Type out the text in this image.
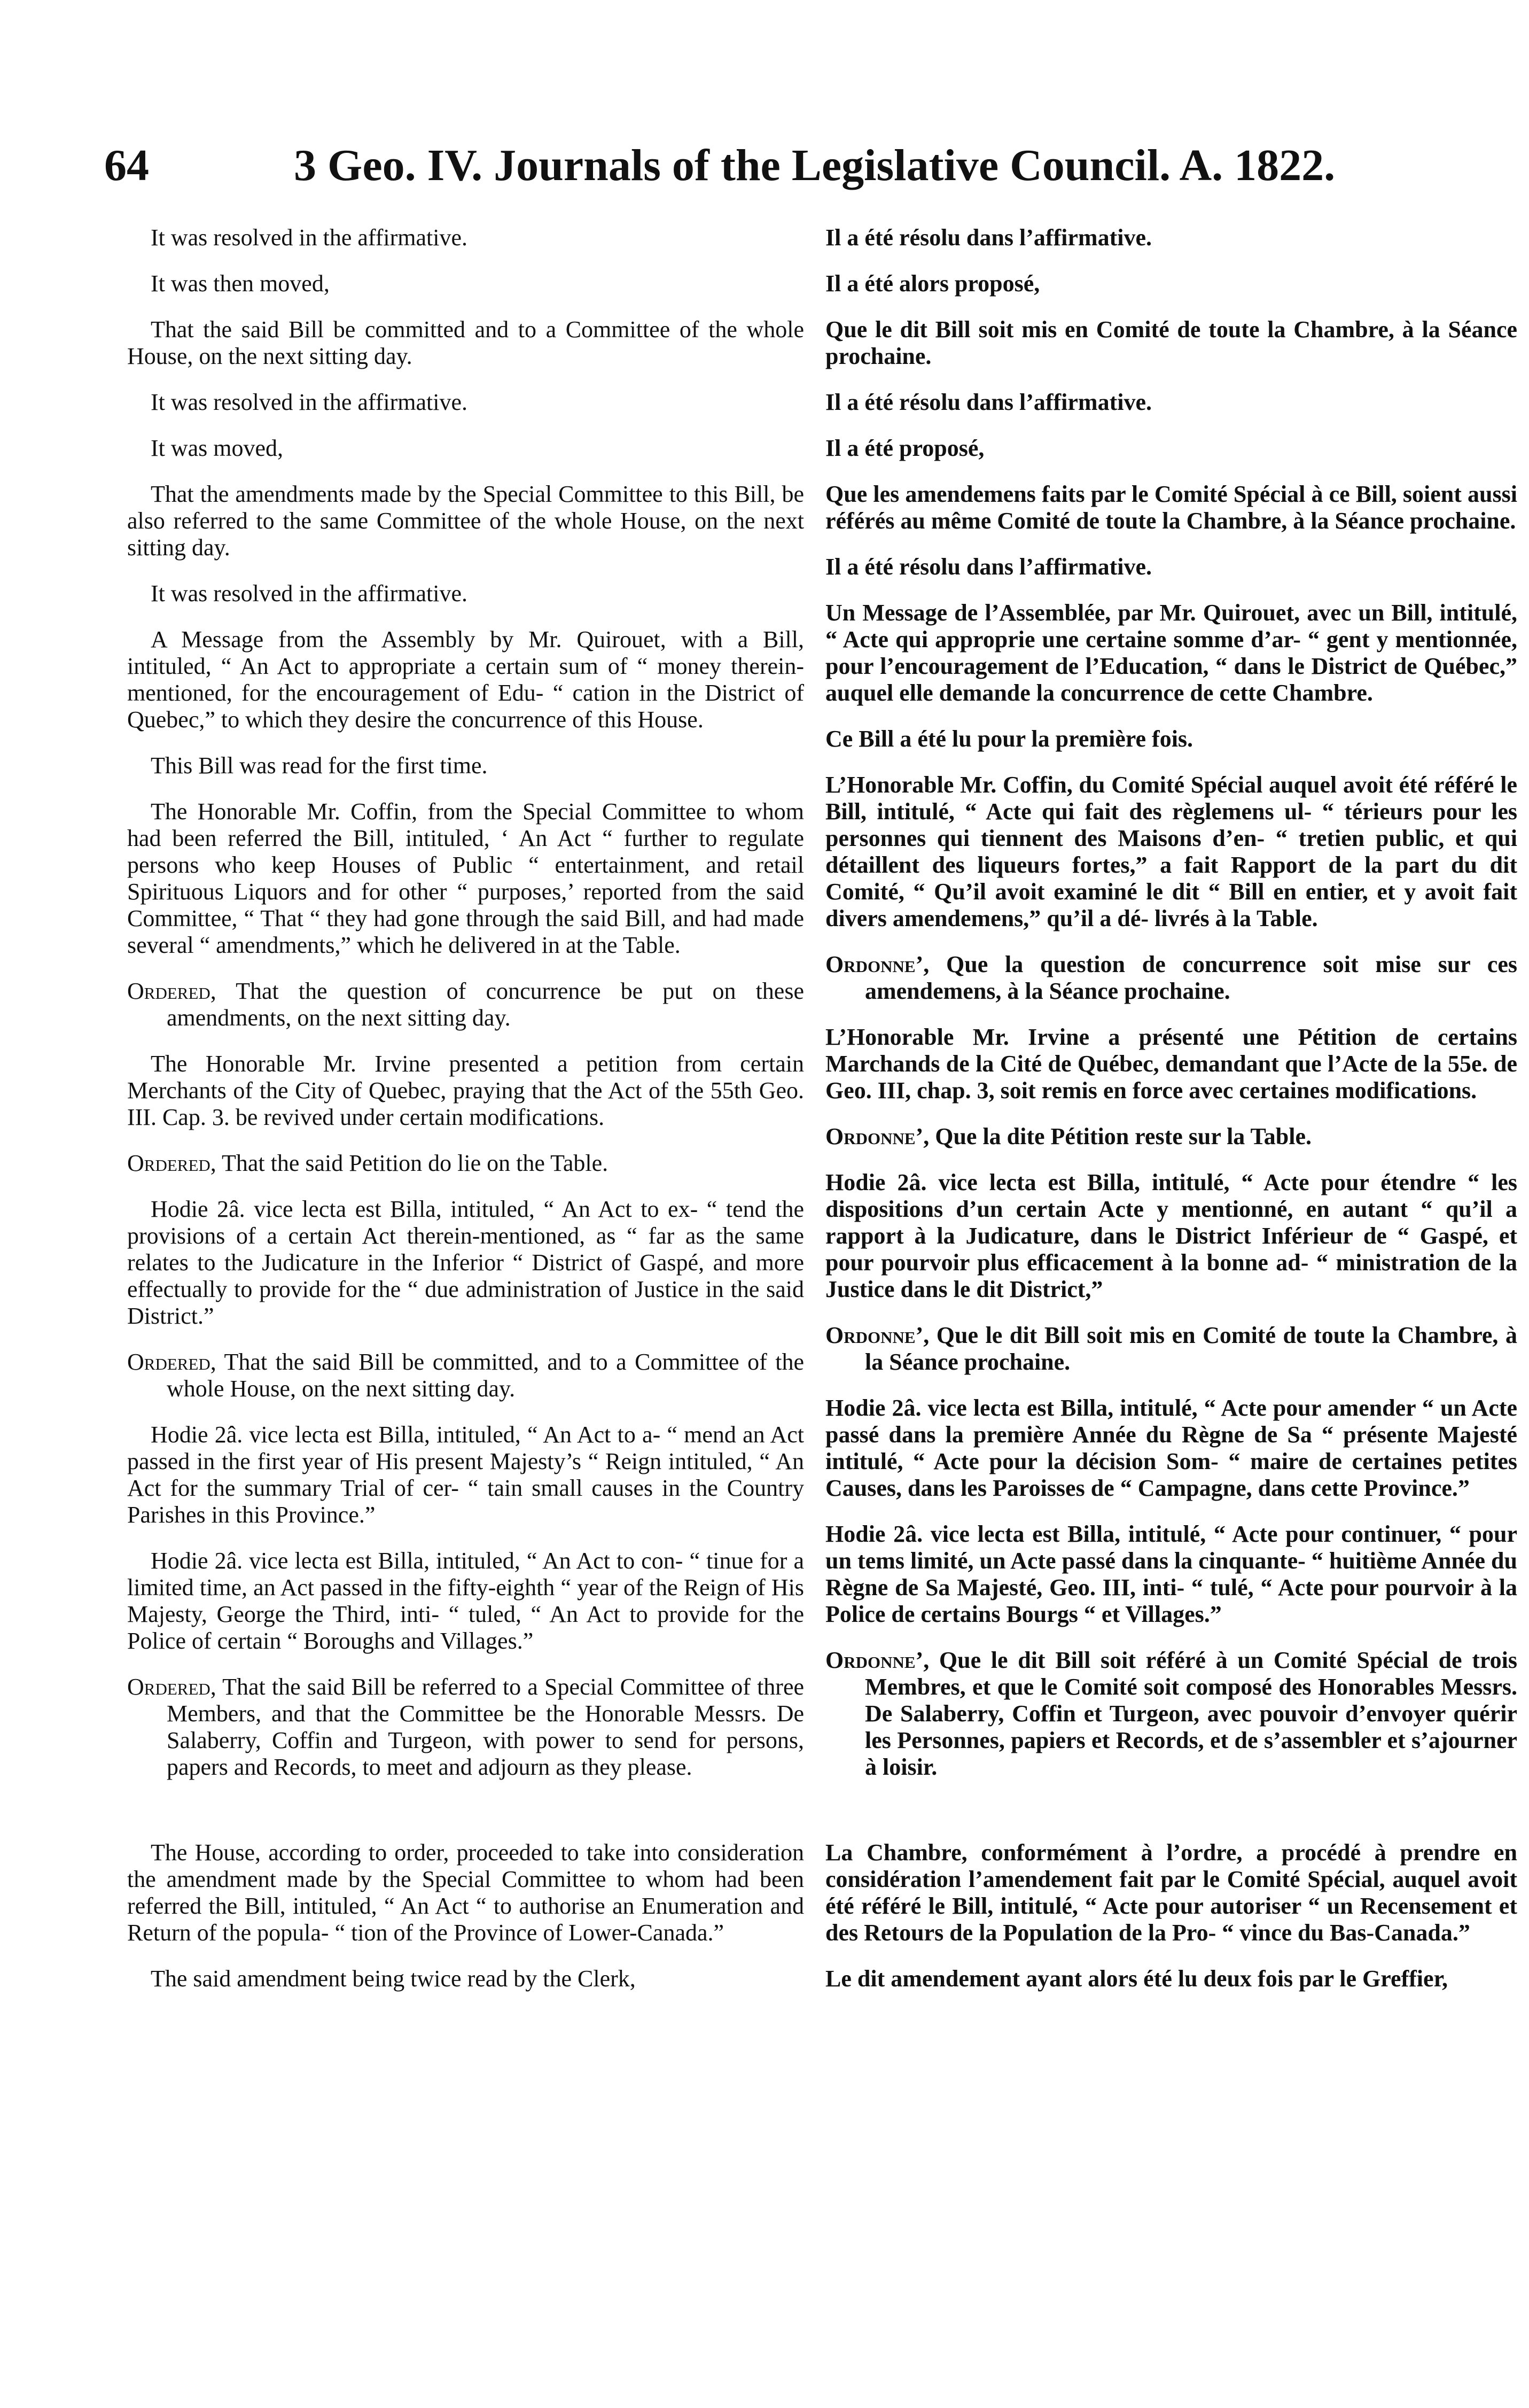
64	3 Geo. IV. Journals of the Legislative Council. A. 1822.

It was resolved in the affirmative.

It was then moved,

That the said Bill be committed and to a Committee of the whole House, on the next sitting day.

It was resolved in the affirmative.

It was moved,

That the amendments made by the Special Committee to this Bill, be also referred to the same Committee of the whole House, on the next sitting day.

It was resolved in the affirmative.

A Message from the Assembly by Mr. Quirouet, with a Bill, intituled, “ An Act to appropriate a certain sum of “ money therein-mentioned, for the encouragement of Edu- “ cation in the District of Quebec,” to which they desire the concurrence of this House.

This Bill was read for the first time.

The Honorable Mr. Coffin, from the Special Committee to whom had been referred the Bill, intituled, ‘ An Act “ further to regulate persons who keep Houses of Public “ entertainment, and retail Spirituous Liquors and for other “ purposes,’ reported from the said Committee, “ That “ they had gone through the said Bill, and had made several “ amendments,” which he delivered in at the Table.

Ordered, That the question of concurrence be put on these amendments, on the next sitting day.

The Honorable Mr. Irvine presented a petition from certain Merchants of the City of Quebec, praying that the Act of the 55th Geo. III. Cap. 3. be revived under certain modifications.

Ordered, That the said Petition do lie on the Table.

Hodie 2â. vice lecta est Billa, intituled, “ An Act to ex- “ tend the provisions of a certain Act therein-mentioned, as “ far as the same relates to the Judicature in the Inferior “ District of Gaspé, and more effectually to provide for the “ due administration of Justice in the said District.”

Ordered, That the said Bill be committed, and to a Committee of the whole House, on the next sitting day.

Hodie 2â. vice lecta est Billa, intituled, “ An Act to a- “ mend an Act passed in the first year of His present Majesty’s “ Reign intituled, “ An Act for the summary Trial of cer- “ tain small causes in the Country Parishes in this Province.”

Hodie 2â. vice lecta est Billa, intituled, “ An Act to con- “ tinue for a limited time, an Act passed in the fifty-eighth “ year of the Reign of His Majesty, George the Third, inti- “ tuled, “ An Act to provide for the Police of certain “ Boroughs and Villages.”

Ordered, That the said Bill be referred to a Special Committee of three Members, and that the Committee be the Honorable Messrs. De Salaberry, Coffin and Turgeon, with power to send for persons, papers and Records, to meet and adjourn as they please.

The House, according to order, proceeded to take into consideration the amendment made by the Special Committee to whom had been referred the Bill, intituled, “ An Act “ to authorise an Enumeration and Return of the popula- “ tion of the Province of Lower-Canada.”

The said amendment being twice read by the Clerk,

Il a été résolu dans l’affirmative.

Il a été alors proposé,

Que le dit Bill soit mis en Comité de toute la Chambre, à la Séance prochaine.

Il a été résolu dans l’affirmative.

Il a été proposé,

Que les amendemens faits par le Comité Spécial à ce Bill, soient aussi référés au même Comité de toute la Chambre, à la Séance prochaine.

Il a été résolu dans l’affirmative.

Un Message de l’Assemblée, par Mr. Quirouet, avec un Bill, intitulé, “ Acte qui approprie une certaine somme d’ar- “ gent y mentionnée, pour l’encouragement de l’Education, “ dans le District de Québec,” auquel elle demande la concurrence de cette Chambre.

Ce Bill a été lu pour la première fois.

L’Honorable Mr. Coffin, du Comité Spécial auquel avoit été référé le Bill, intitulé, “ Acte qui fait des règlemens ul- “ térieurs pour les personnes qui tiennent des Maisons d’en- “ tretien public, et qui détaillent des liqueurs fortes,” a fait Rapport de la part du dit Comité, “ Qu’il avoit examiné le dit “ Bill en entier, et y avoit fait divers amendemens,” qu’il a dé- livrés à la Table.

Ordonne’, Que la question de concurrence soit mise sur ces amendemens, à la Séance prochaine.

L’Honorable Mr. Irvine a présenté une Pétition de certains Marchands de la Cité de Québec, demandant que l’Acte de la 55e. de Geo. III, chap. 3, soit remis en force avec certaines modifications.

Ordonne’, Que la dite Pétition reste sur la Table.

Hodie 2â. vice lecta est Billa, intitulé, “ Acte pour étendre “ les dispositions d’un certain Acte y mentionné, en autant “ qu’il a rapport à la Judicature, dans le District Inférieur de “ Gaspé, et pour pourvoir plus efficacement à la bonne ad- “ ministration de la Justice dans le dit District,”

Ordonne’, Que le dit Bill soit mis en Comité de toute la Chambre, à la Séance prochaine.

Hodie 2â. vice lecta est Billa, intitulé, “ Acte pour amender “ un Acte passé dans la première Année du Règne de Sa “ présente Majesté intitulé, “ Acte pour la décision Som- “ maire de certaines petites Causes, dans les Paroisses de “ Campagne, dans cette Province.”

Hodie 2â. vice lecta est Billa, intitulé, “ Acte pour continuer, “ pour un tems limité, un Acte passé dans la cinquante- “ huitième Année du Règne de Sa Majesté, Geo. III, inti- “ tulé, “ Acte pour pourvoir à la Police de certains Bourgs “ et Villages.”

Ordonne’, Que le dit Bill soit référé à un Comité Spécial de trois Membres, et que le Comité soit composé des Honorables Messrs. De Salaberry, Coffin et Turgeon, avec pouvoir d’envoyer quérir les Personnes, papiers et Records, et de s’assembler et s’ajourner à loisir.

La Chambre, conformément à l’ordre, a procédé à prendre en considération l’amendement fait par le Comité Spécial, auquel avoit été référé le Bill, intitulé, “ Acte pour autoriser “ un Recensement et des Retours de la Population de la Pro- “ vince du Bas-Canada.”

Le dit amendement ayant alors été lu deux fois par le Greffier,
